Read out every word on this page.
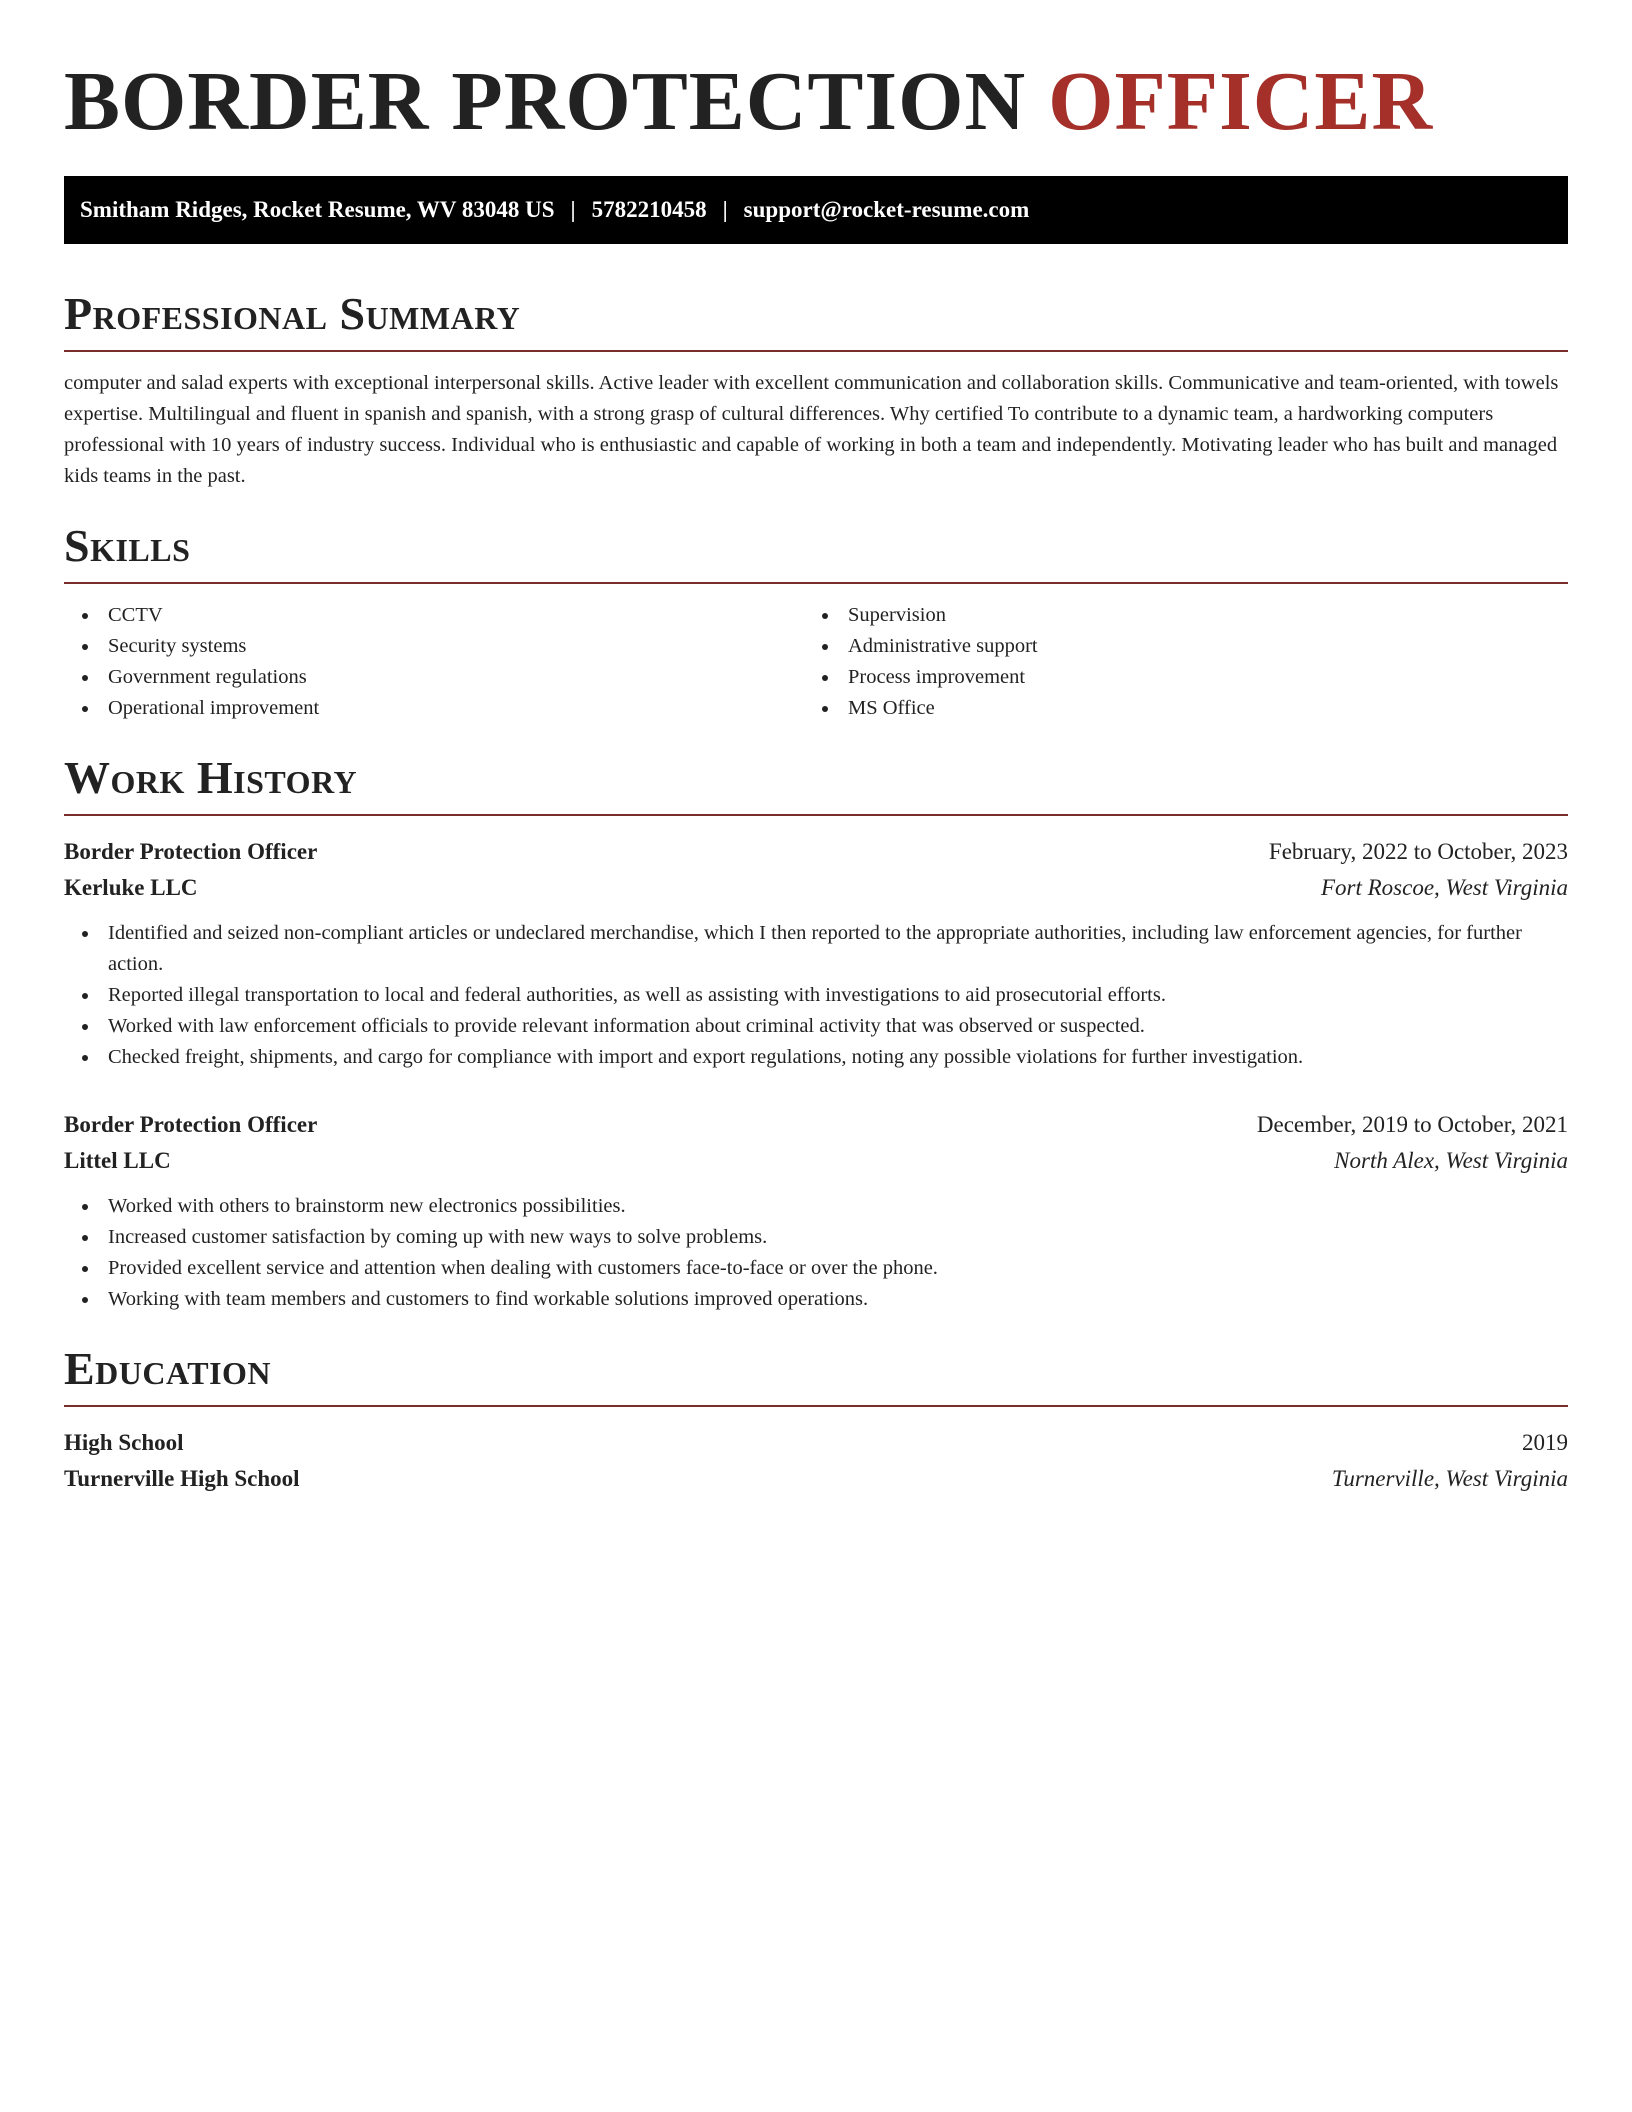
BORDER PROTECTION OFFICER
Smitham Ridges, Rocket Resume, WV 83048 US | 5782210458 | support@rocket-resume.com
Professional Summary

computer and salad experts with exceptional interpersonal skills. Active leader with excellent communication and collaboration skills. Communicative and team-oriented, with towels expertise. Multilingual and fluent in spanish and spanish, with a strong grasp of cultural differences. Why certified To contribute to a dynamic team, a hardworking computers professional with 10 years of industry success. Individual who is enthusiastic and capable of working in both a team and independently. Motivating leader who has built and managed kids teams in the past.

Skills
CCTV
Security systems
Government regulations
Operational improvement
Supervision
Administrative support
Process improvement
MS Office
Work History
Border Protection Officer	February, 2022 to October, 2023
Kerluke LLC	Fort Roscoe, West Virginia
Identified and seized non-compliant articles or undeclared merchandise, which I then reported to the appropriate authorities, including law enforcement agencies, for further action.
Reported illegal transportation to local and federal authorities, as well as assisting with investigations to aid prosecutorial efforts.
Worked with law enforcement officials to provide relevant information about criminal activity that was observed or suspected.
Checked freight, shipments, and cargo for compliance with import and export regulations, noting any possible violations for further investigation.
Border Protection Officer	December, 2019 to October, 2021
Littel LLC	North Alex, West Virginia
Worked with others to brainstorm new electronics possibilities.
Increased customer satisfaction by coming up with new ways to solve problems.
Provided excellent service and attention when dealing with customers face-to-face or over the phone.
Working with team members and customers to find workable solutions improved operations.
Education
High School	2019
Turnerville High School	Turnerville, West Virginia
